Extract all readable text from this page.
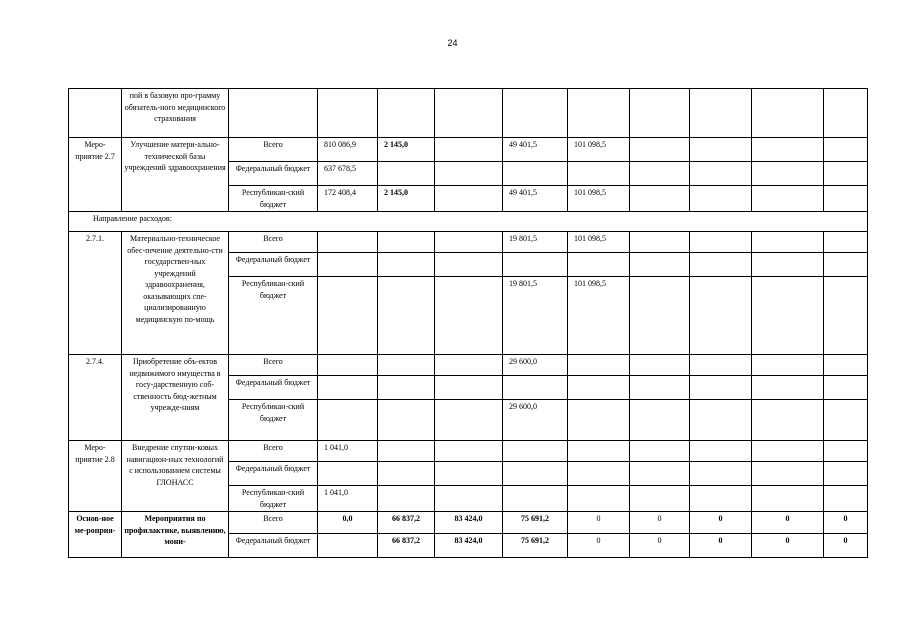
24
	пой в базовую про-граммy обязатель-ного медицинского страхования										
Меро-приятие 2.7	Улучшение матери-ально-технической базы учреждений здравоохранения	Всего	810 086,9	2 145,0		49 401,5	101 098,5				
		Федеральный бюджет	637 678,5								
		Республикан-ский бюджет	172 408,4	2 145,0		49 401,5	101 098,5				
Направление расходов:											
2.7.1.	Материально-техническое обес-печение деятельно-сти государствен-ных учреждений здравоохранения, оказывающих спе-циализированную медицинскую по-мощь	Всего				19 801,5	101 098,5				
		Федеральный бюджет									
		Республикан-ский бюджет				19 801,5	101 098,5				
2.7.4.	Приобретение объ-ектов недвижимого имущества в госу-дарственную соб-ственность бюд-жетным учрежде-ниям	Всего				29 600,0					
		Федеральный бюджет									
		Республикан-ский бюджет				29 600,0					
Меро-приятие 2.8	Внедрение спутни-ковых навигацион-ных технологий с использованием системы ГЛОНАСС	Всего	1 041,0								
		Федеральный бюджет									
		Республикан-ский бюджет	1 041,0								
Основ-ное ме-роприя-	Мероприятия по профилактике, выявлению, мони-	Всего	0,0	66 837,2	83 424,0	75 691,2	0	0	0	0	0
		Федеральный бюджет		66 837,2	83 424,0	75 691,2	0	0	0	0	0
